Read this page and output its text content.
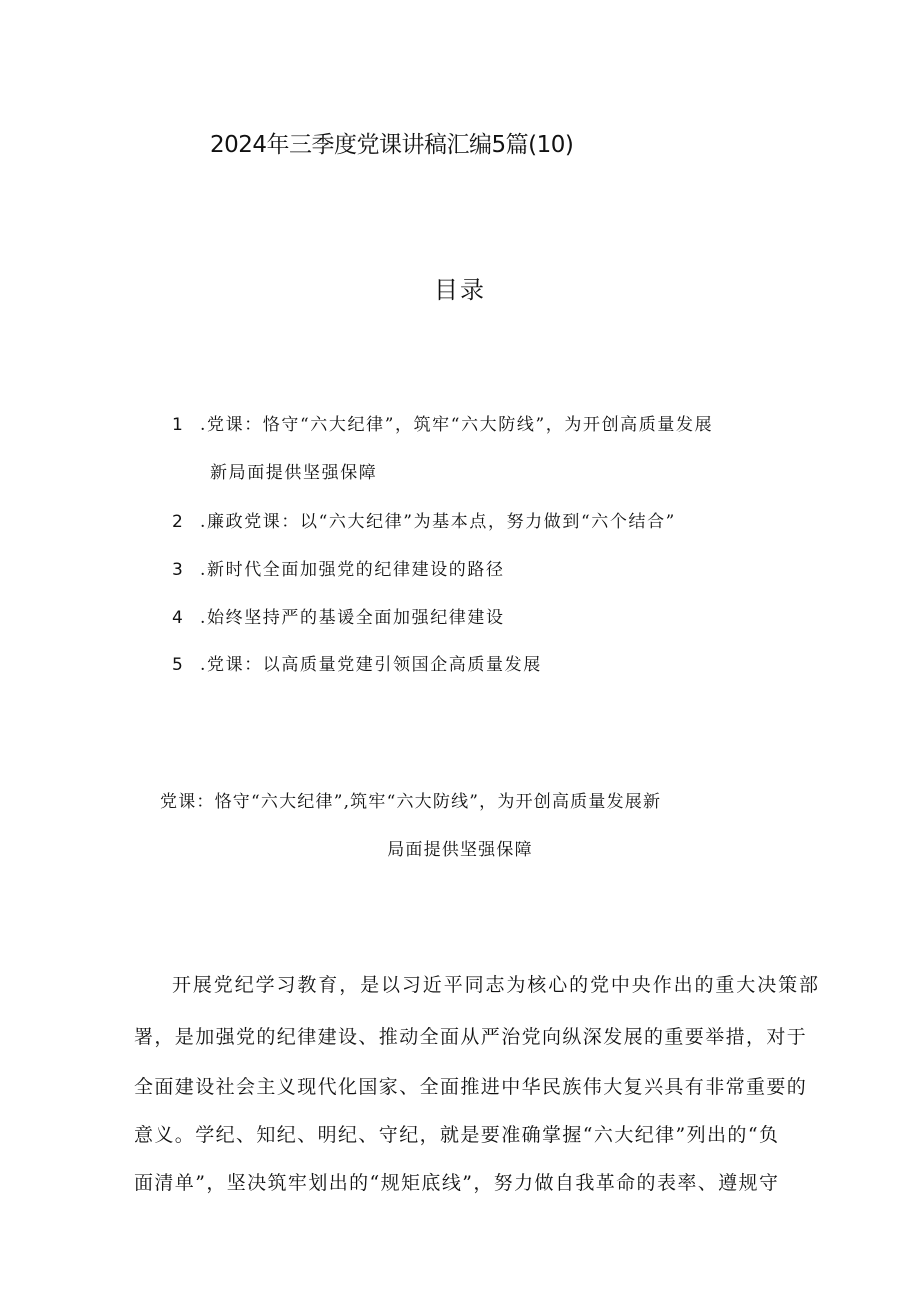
2024年三季度党课讲稿汇编5篇(10)
目录
1 .党课：恪守“六大纪律”，筑牢“六大防线”，为开创高质量发展
新局面提供坚强保障
2 .廉政党课：以“六大纪律”为基本点，努力做到“六个结合”
3 .新时代全面加强党的纪律建设的路径
4 .始终坚持严的基谖全面加强纪律建设
5 .党课：以高质量党建引领国企高质量发展
党课：恪守“六大纪律”,筑牢“六大防线”，为开创高质量发展新
局面提供坚强保障
开展党纪学习教育，是以习近平同志为核心的党中央作出的重大决策部
署，是加强党的纪律建设、推动全面从严治党向纵深发展的重要举措，对于
全面建设社会主义现代化国家、全面推进中华民族伟大复兴具有非常重要的
意义。学纪、知纪、明纪、守纪，就是要准确掌握“六大纪律”列出的“负
面清单”，坚决筑牢划出的“规矩底线”，努力做自我革命的表率、遵规守
